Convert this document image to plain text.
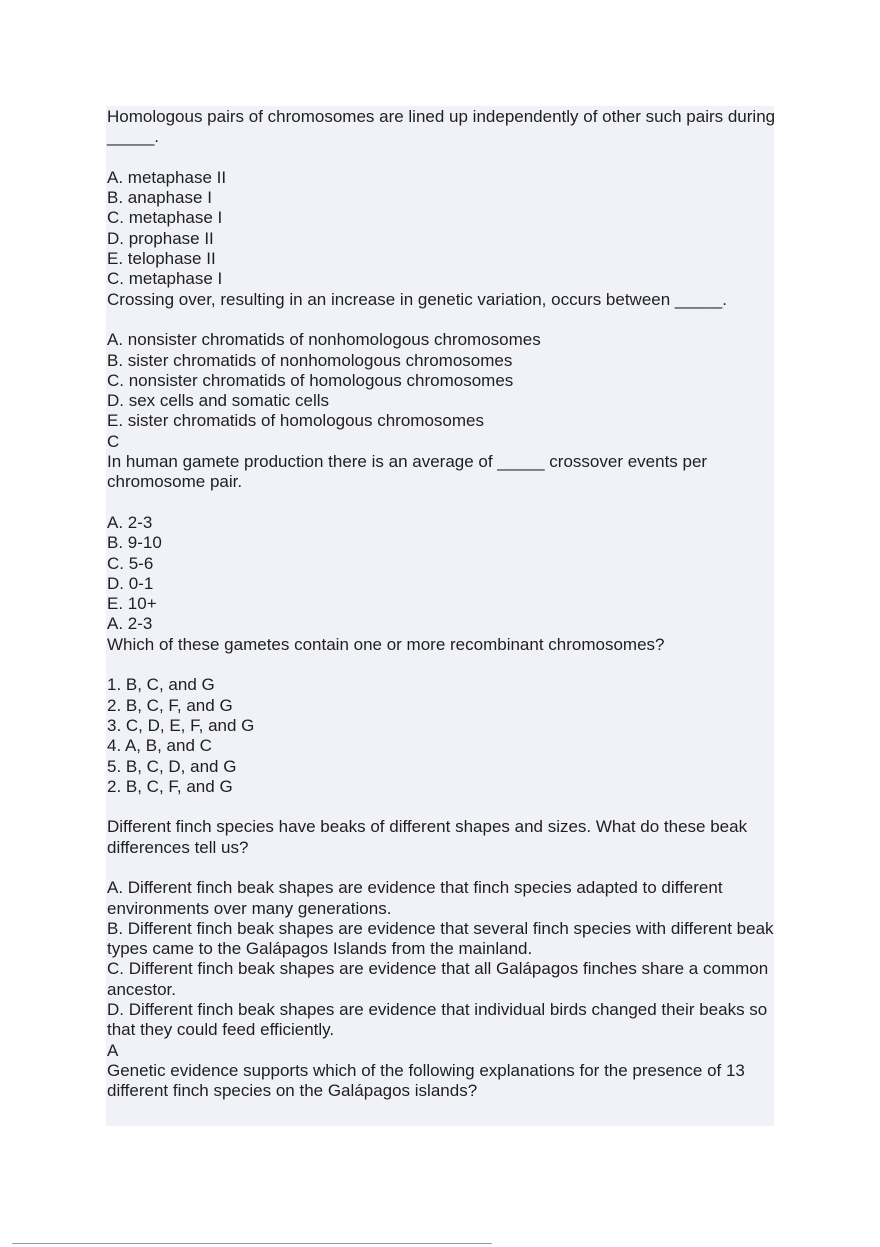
Homologous pairs of chromosomes are lined up independently of other such pairs during _____.

A. metaphase II

B. anaphase I

C. metaphase I

D. prophase II

E. telophase II

C. metaphase I

Crossing over, resulting in an increase in genetic variation, occurs between _____.

A. nonsister chromatids of nonhomologous chromosomes

B. sister chromatids of nonhomologous chromosomes

C. nonsister chromatids of homologous chromosomes

D. sex cells and somatic cells

E. sister chromatids of homologous chromosomes

C

In human gamete production there is an average of _____ crossover events per chromosome pair.

A. 2-3

B. 9-10

C. 5-6

D. 0-1

E. 10+

A. 2-3

Which of these gametes contain one or more recombinant chromosomes?

1. B, C, and G

2. B, C, F, and G

3. C, D, E, F, and G

4. A, B, and C

5. B, C, D, and G

2. B, C, F, and G

Different finch species have beaks of different shapes and sizes. What do these beak differences tell us?

A. Different finch beak shapes are evidence that finch species adapted to different environments over many generations.

B. Different finch beak shapes are evidence that several finch species with different beak types came to the Galápagos Islands from the mainland.

C. Different finch beak shapes are evidence that all Galápagos finches share a common ancestor.

D. Different finch beak shapes are evidence that individual birds changed their beaks so that they could feed efficiently.

A

Genetic evidence supports which of the following explanations for the presence of 13 different finch species on the Galápagos islands?
